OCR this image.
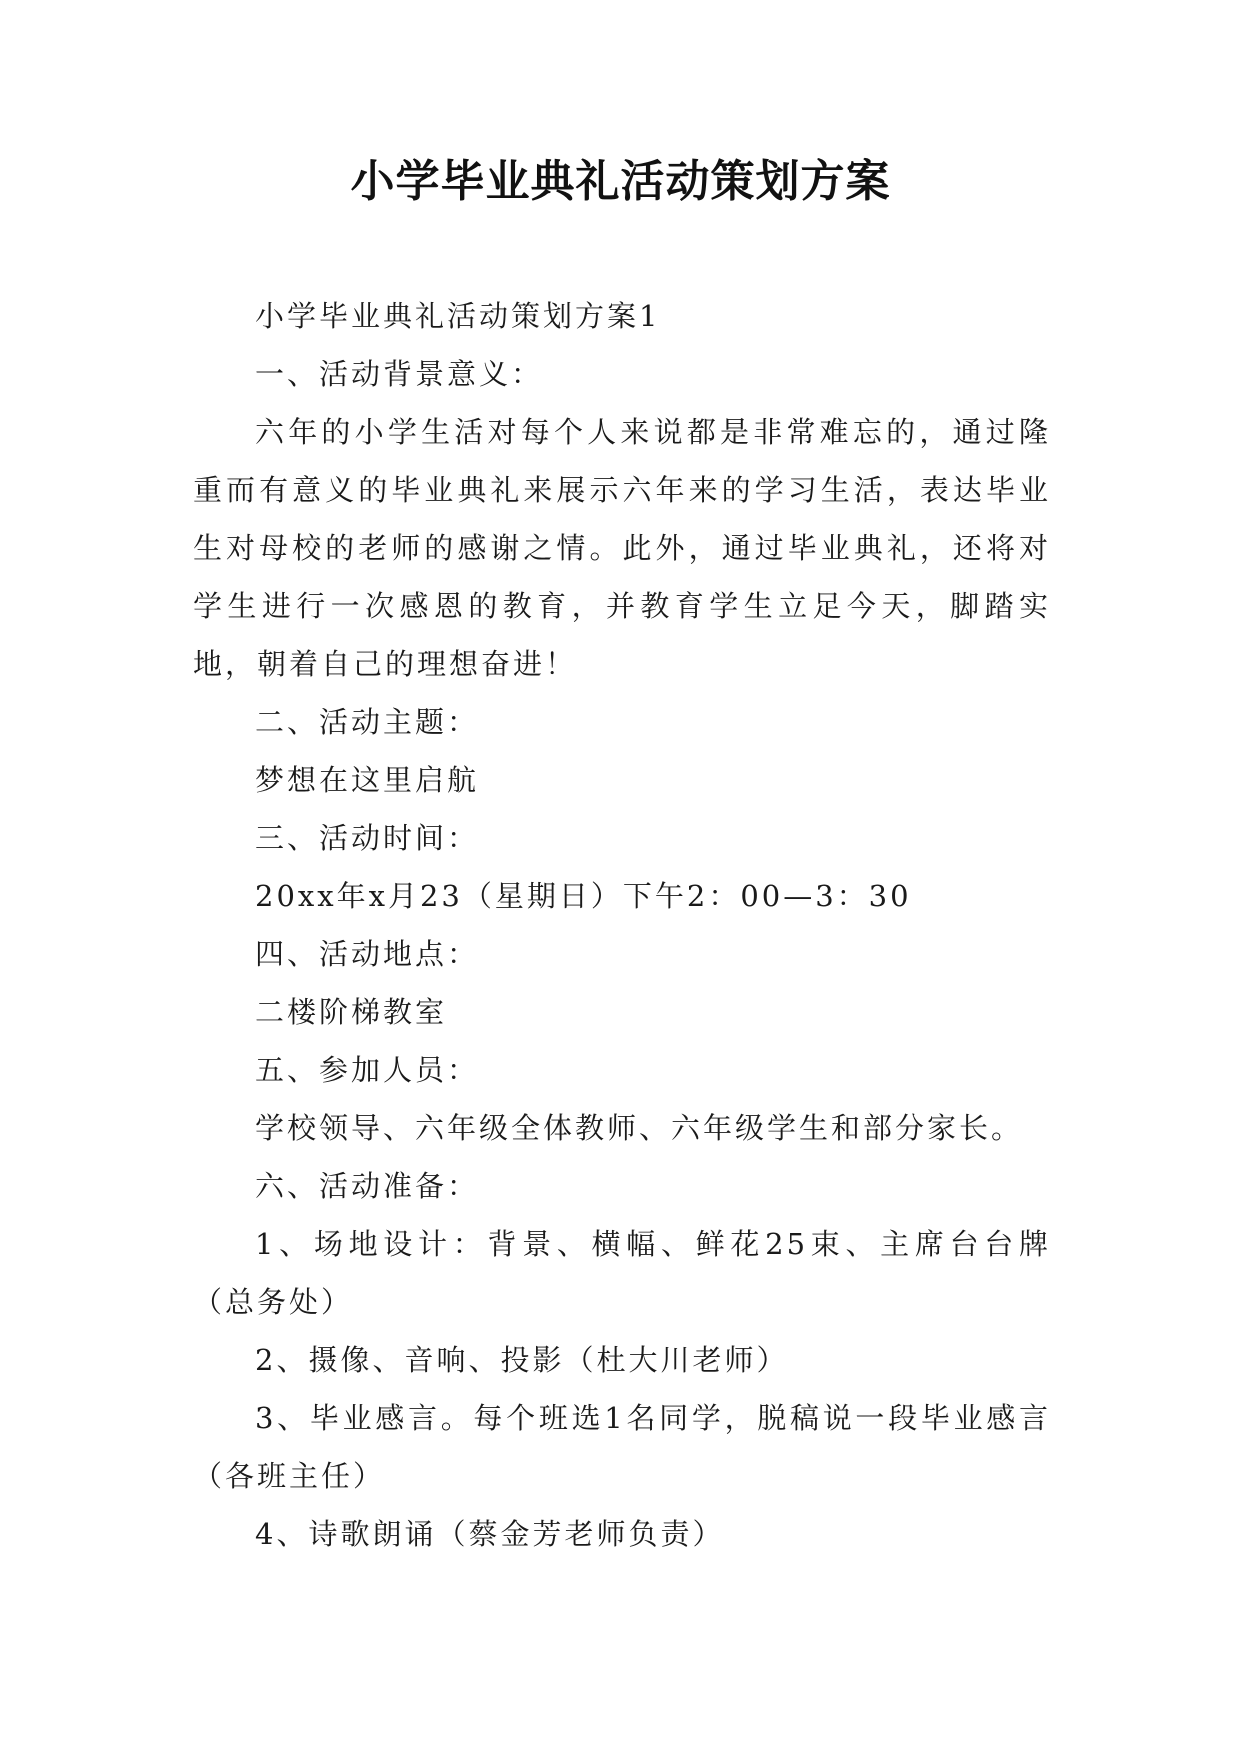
小学毕业典礼活动策划方案

小学毕业典礼活动策划方案1

一、活动背景意义：

六年的小学生活对每个人来说都是非常难忘的，通过隆重而有意义的毕业典礼来展示六年来的学习生活，表达毕业生对母校的老师的感谢之情。此外，通过毕业典礼，还将对学生进行一次感恩的教育，并教育学生立足今天，脚踏实地，朝着自己的理想奋进！

二、活动主题：

梦想在这里启航

三、活动时间：

20xx年x月23（星期日）下午2：00—3：30

四、活动地点：

二楼阶梯教室

五、参加人员：

学校领导、六年级全体教师、六年级学生和部分家长。

六、活动准备：

1、场地设计：背景、横幅、鲜花25束、主席台台牌（总务处）

2、摄像、音响、投影（杜大川老师）

3、毕业感言。每个班选1名同学，脱稿说一段毕业感言（各班主任）

4、诗歌朗诵（蔡金芳老师负责）
